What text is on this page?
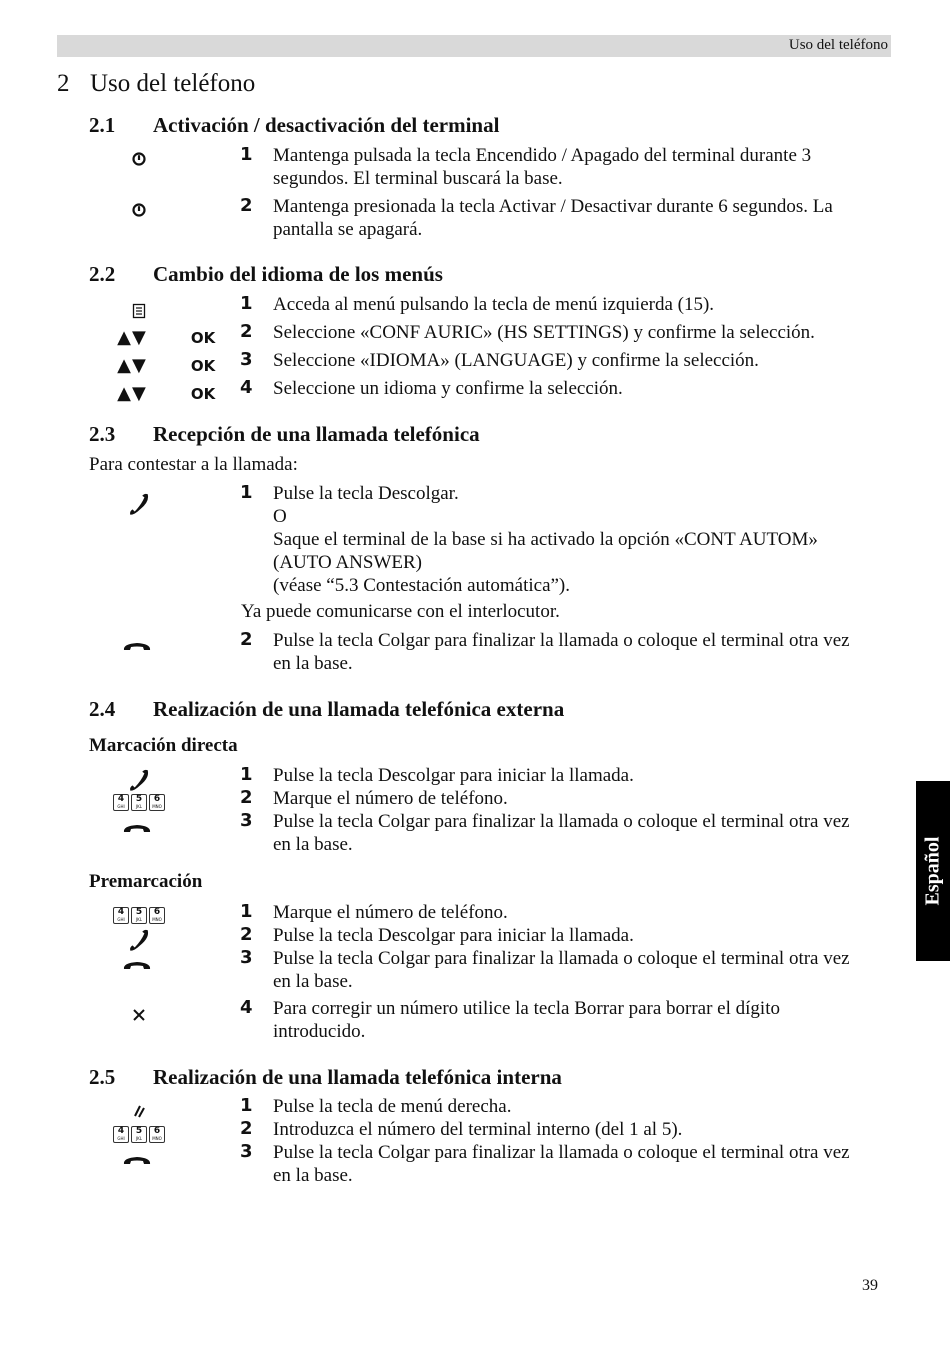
Uso del teléfono
2 Uso del teléfono
2.1 Activación / desactivación del terminal
1 Mantenga pulsada la tecla Encendido / Apagado del terminal durante 3
segundos. El terminal buscará la base.
2 Mantenga presionada la tecla Activar / Desactivar durante 6 segundos. La
pantalla se apagará.
2.2 Cambio del idioma de los menús
▲▼	OK
▲▼	OK
▲▼	OK
1 Acceda al menú pulsando la tecla de menú izquierda (15).
2 Seleccione «CONF AURIC» (HS SETTINGS) y confirme la selección.
3 Seleccione «IDIOMA» (LANGUAGE) y confirme la selección.
4 Seleccione un idioma y confirme la selección.
2.3 Recepción de una llamada telefónica
Para contestar a la llamada:
1 Pulse la tecla Descolgar.
O
Saque el terminal de la base si ha activado la opción «CONT AUTOM»
(AUTO ANSWER)
(véase “5.3 Contestación automática”).
Ya puede comunicarse con el interlocutor.
2 Pulse la tecla Colgar para finalizar la llamada o coloque el terminal otra vez
en la base.
2.4 Realización de una llamada telefónica externa
Marcación directa
4
GHI
5
JKL
6
MNO
1 Pulse la tecla Descolgar para iniciar la llamada.
2 Marque el número de teléfono.
3 Pulse la tecla Colgar para finalizar la llamada o coloque el terminal otra vez
en la base.
Premarcación
4
GHI
5
JKL
6
MNO	1 Marque el número de teléfono.
2 Pulse la tecla Descolgar para iniciar la llamada.
3 Pulse la tecla Colgar para finalizar la llamada o coloque el terminal otra vez
en la base.
4 Para corregir un número utilice la tecla Borrar para borrar el dígito
introducido.
2.5 Realización de una llamada telefónica interna
4
GHI
5
JKL
6
MNO
1 Pulse la tecla de menú derecha.
2 Introduzca el número del terminal interno (del 1 al 5).
3 Pulse la tecla Colgar para finalizar la llamada o coloque el terminal otra vez
en la base.
Español
39
